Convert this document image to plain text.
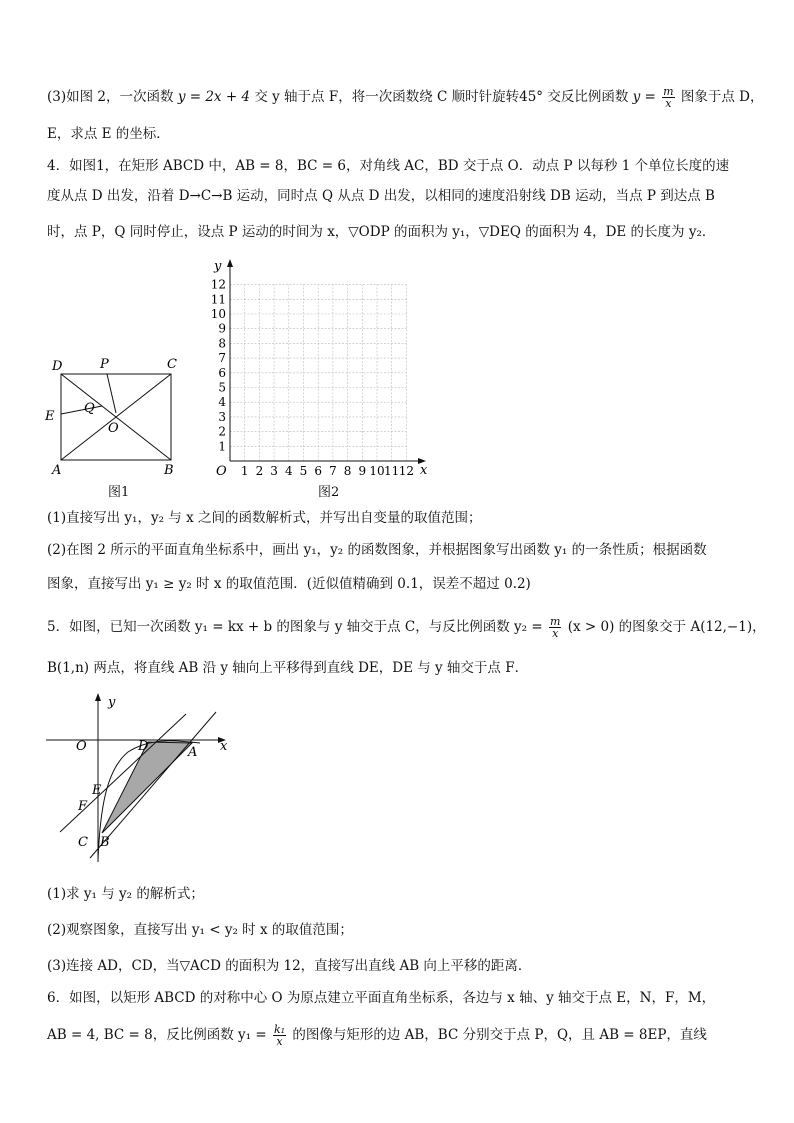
(3)如图 2，一次函数 y = 2x + 4 交 y 轴于点 F，将一次函数绕 C 顺时针旋转45° 交反比例函数 $y = \frac{m}{x}$ 图象于点 D，
E，求点 E 的坐标．
4．如图1，在矩形 ABCD 中，AB = 8，BC = 6，对角线 AC，BD 交于点 O．动点 P 以每秒 1 个单位长度的速
度从点 D 出发，沿着 D→C→B 运动，同时点 Q 从点 D 出发，以相同的速度沿射线 DB 运动，当点 P 到达点 B
时，点 P，Q 同时停止，设点 P 运动的时间为 x，▽ODP 的面积为 y₁，▽DEQ 的面积为 4，DE 的长度为 y₂．
D	P	C
E
Q
O
A	B
图1
y
x
O
12
11
10
9
8
7
6
5
4
3
2
1
1 2 3 4 5 6 7 8 9 10 11 12
图2
(1)直接写出 y₁，y₂ 与 x 之间的函数解析式，并写出自变量的取值范围；
(2)在图 2 所示的平面直角坐标系中，画出 y₁，y₂ 的函数图象，并根据图象写出函数 y₁ 的一条性质；根据函数
图象，直接写出 y₁ ≥ y₂ 时 x 的取值范围．(近似值精确到 0.1，误差不超过 0.2)
5．如图，已知一次函数 y₁ = kx + b 的图象与 y 轴交于点 C，与反比例函数 $y_2 = \frac{m}{x} (x > 0)$ 的图象交于 A(12,−1)，
B(1,n) 两点，将直线 AB 沿 y 轴向上平移得到直线 DE，DE 与 y 轴交于点 F．
y
x
O	D	A
E
F
C B
(1)求 y₁ 与 y₂ 的解析式；
(2)观察图象，直接写出 y₁ < y₂ 时 x 的取值范围；
(3)连接 AD，CD，当▽ACD 的面积为 12，直接写出直线 AB 向上平移的距离．
6．如图，以矩形 ABCD 的对称中心 O 为原点建立平面直角坐标系，各边与 x 轴、y 轴交于点 E，N，F，M，
AB = 4, BC = 8，反比例函数 $y_1 = \frac{\text{k₁}}{x}$ 的图像与矩形的边 AB，BC 分别交于点 P，Q，且 AB = 8EP，直线
